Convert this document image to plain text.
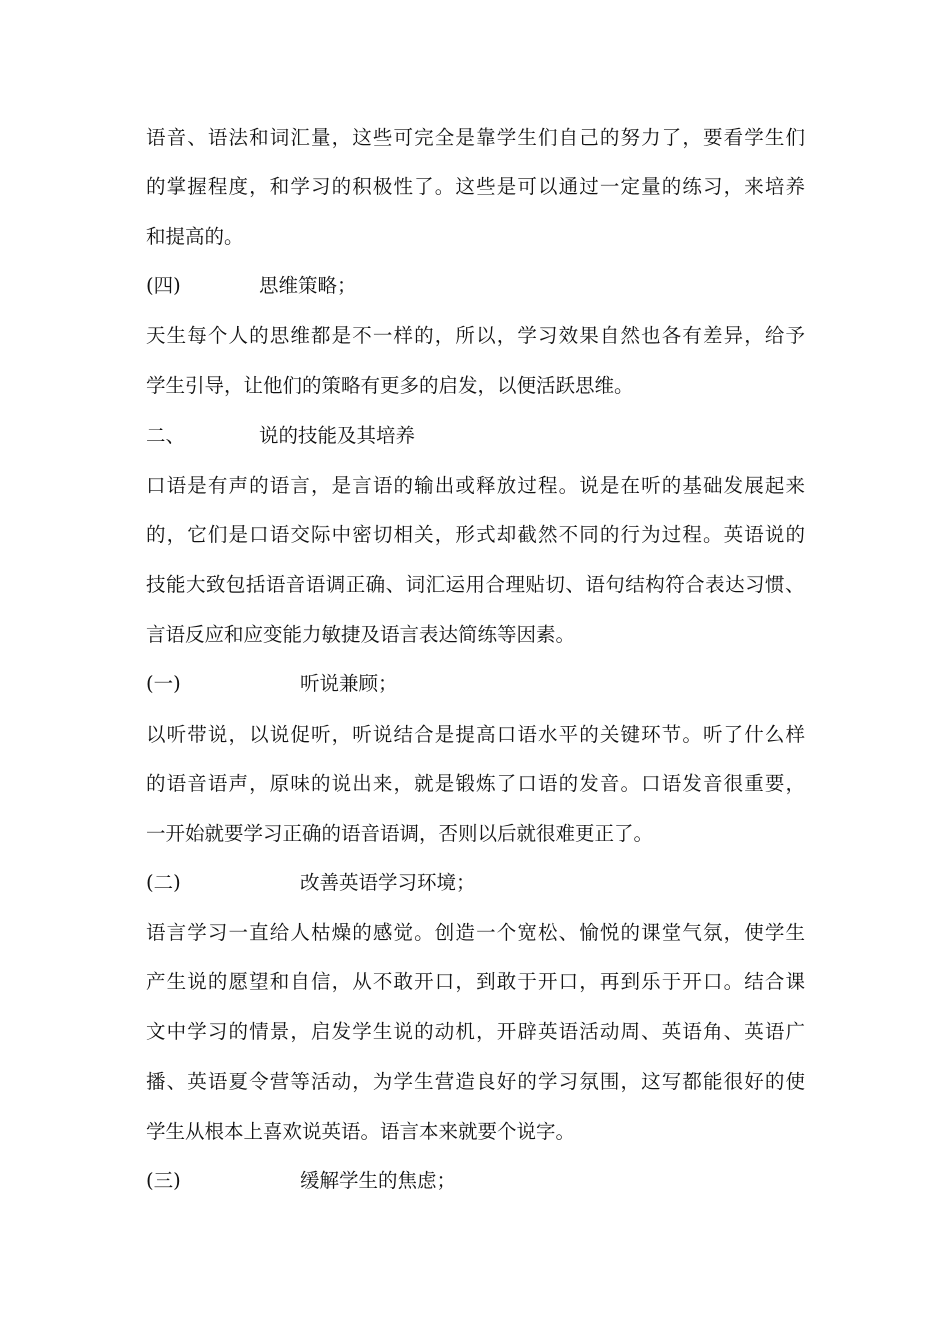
语音、语法和词汇量，这些可完全是靠学生们自己的努力了，要看学生们
的掌握程度，和学习的积极性了。这些是可以通过一定量的练习，来培养
和提高的。
(四)	思维策略；
天生每个人的思维都是不一样的，所以，学习效果自然也各有差异，给予
学生引导，让他们的策略有更多的启发，以便活跃思维。
二、	说的技能及其培养
口语是有声的语言，是言语的输出或释放过程。说是在听的基础发展起来
的，它们是口语交际中密切相关，形式却截然不同的行为过程。英语说的
技能大致包括语音语调正确、词汇运用合理贴切、语句结构符合表达习惯、
言语反应和应变能力敏捷及语言表达简练等因素。
(一)	听说兼顾；
以听带说，以说促听，听说结合是提高口语水平的关键环节。听了什么样
的语音语声，原味的说出来，就是锻炼了口语的发音。口语发音很重要，
一开始就要学习正确的语音语调，否则以后就很难更正了。
(二)	改善英语学习环境；
语言学习一直给人枯燥的感觉。创造一个宽松、愉悦的课堂气氛，使学生
产生说的愿望和自信，从不敢开口，到敢于开口，再到乐于开口。结合课
文中学习的情景，启发学生说的动机，开辟英语活动周、英语角、英语广
播、英语夏令营等活动，为学生营造良好的学习氛围，这写都能很好的使
学生从根本上喜欢说英语。语言本来就要个说字。
(三)	缓解学生的焦虑；
